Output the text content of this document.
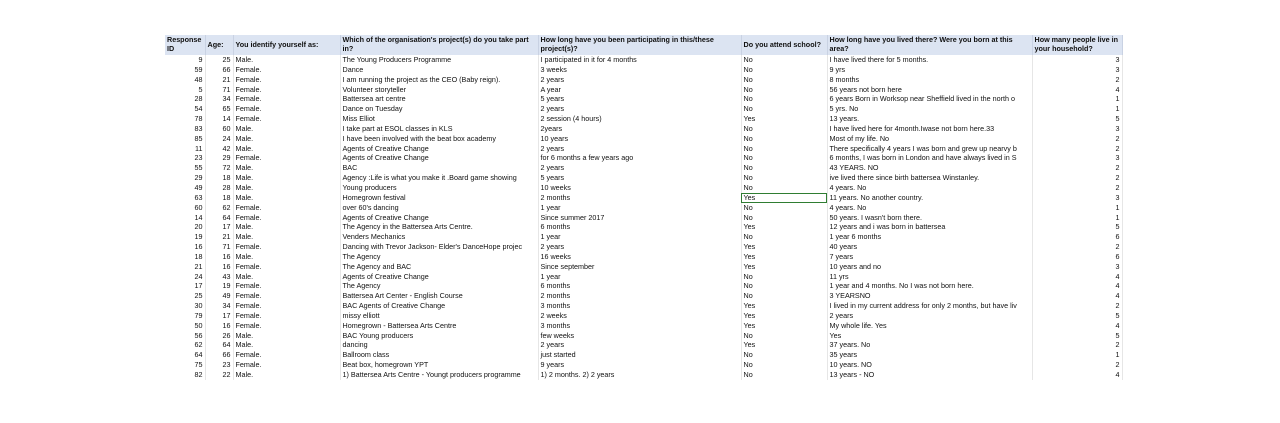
Response ID	Age:	You identify yourself as:	Which of the organisation's project(s) do you take part in?	How long have you been participating in this/these project(s)?	Do you attend school?	How long have you lived there? Were you born at this area?	How many people live in your household?
9	25	Male.	The Young Producers Programme	I participated in it for 4 months	No	I have lived there for 5 months.	3
59	66	Female.	Dance	3 weeks	No	9 yrs	3
48	21	Female.	I am running the project as the CEO (Baby reign).	2 years	No	8 months	2
5	71	Female.	Volunteer storyteller	A year	No	56 years not born here	4
28	34	Female.	Battersea art centre	5 years	No	6 years Born in Worksop near Sheffield lived in the north o	1
54	65	Female.	Dance on Tuesday	2 years	No	5 yrs. No	1
78	14	Female.	Miss Elliot	2 session (4 hours)	Yes	13 years.	5
83	60	Male.	I take part at ESOL classes in KLS	2years	No	I have lived here for 4month.Iwase not born here.33	3
85	24	Male.	I have been involved with the beat box academy	10 years	No	Most of my life. No	2
11	42	Male.	Agents of Creative Change	2 years	No	There specifically 4 years I was born and grew up nearvy b	2
23	29	Female.	Agents of Creative Change	for 6 months a few years ago	No	6 months, I was born in London and have always lived in S	3
55	72	Male.	BAC	2 years	No	43 YEARS. NO	2
29	18	Male.	Agency :Life is what you make it .Board game showing	5 years	No	ive lived there since birth battersea Winstanley.	2
49	28	Male.	Young producers	10 weeks	No	4 years. No	2
63	18	Male.	Homegrown festival	2 months	Yes	11 years. No another country.	3
60	62	Female.	over 60's dancing	1 year	No	4 years. No	1
14	64	Female.	Agents of Creative Change	Since summer 2017	No	50 years. I wasn't born there.	1
20	17	Male.	The Agency in the Battersea Arts Centre.	6 months	Yes	12 years and i was born in battersea	5
19	21	Male.	Venders Mechanics	1 year	No	1 year 6 months	6
16	71	Female.	Dancing with Trevor Jackson- Elder's DanceHope projec	2 years	Yes	40 years	2
18	16	Male.	The Agency	16 weeks	Yes	7 years	6
21	16	Female.	The Agency and BAC	Since september	Yes	10 years and no	3
24	43	Male.	Agents of Creative Change	1 year	No	11 yrs	4
17	19	Female.	The Agency	6 months	No	1 year and 4 months. No I was not born here.	4
25	49	Female.	Battersea Art Center - English Course	2 months	No	3 YEARSNO	4
30	34	Female.	BAC Agents of Creative Change	3 months	Yes	I lived in my current address for only 2 months, but have liv	2
79	17	Female.	missy elliott	2 weeks	Yes	2 years	5
50	16	Female.	Homegrown - Battersea Arts Centre	3 months	Yes	My whole life. Yes	4
56	26	Male.	BAC Young producers	few weeks	No	Yes	5
62	64	Male.	dancing	2 years	Yes	37 years. No	2
64	66	Female.	Ballroom class	just started	No	35 years	1
75	23	Female.	Beat box, homegrown YPT	9 years	No	10 years. NO	2
82	22	Male.	1) Battersea Arts Centre - Youngt producers programme	1) 2 months. 2) 2 years	No	13 years - NO	4
